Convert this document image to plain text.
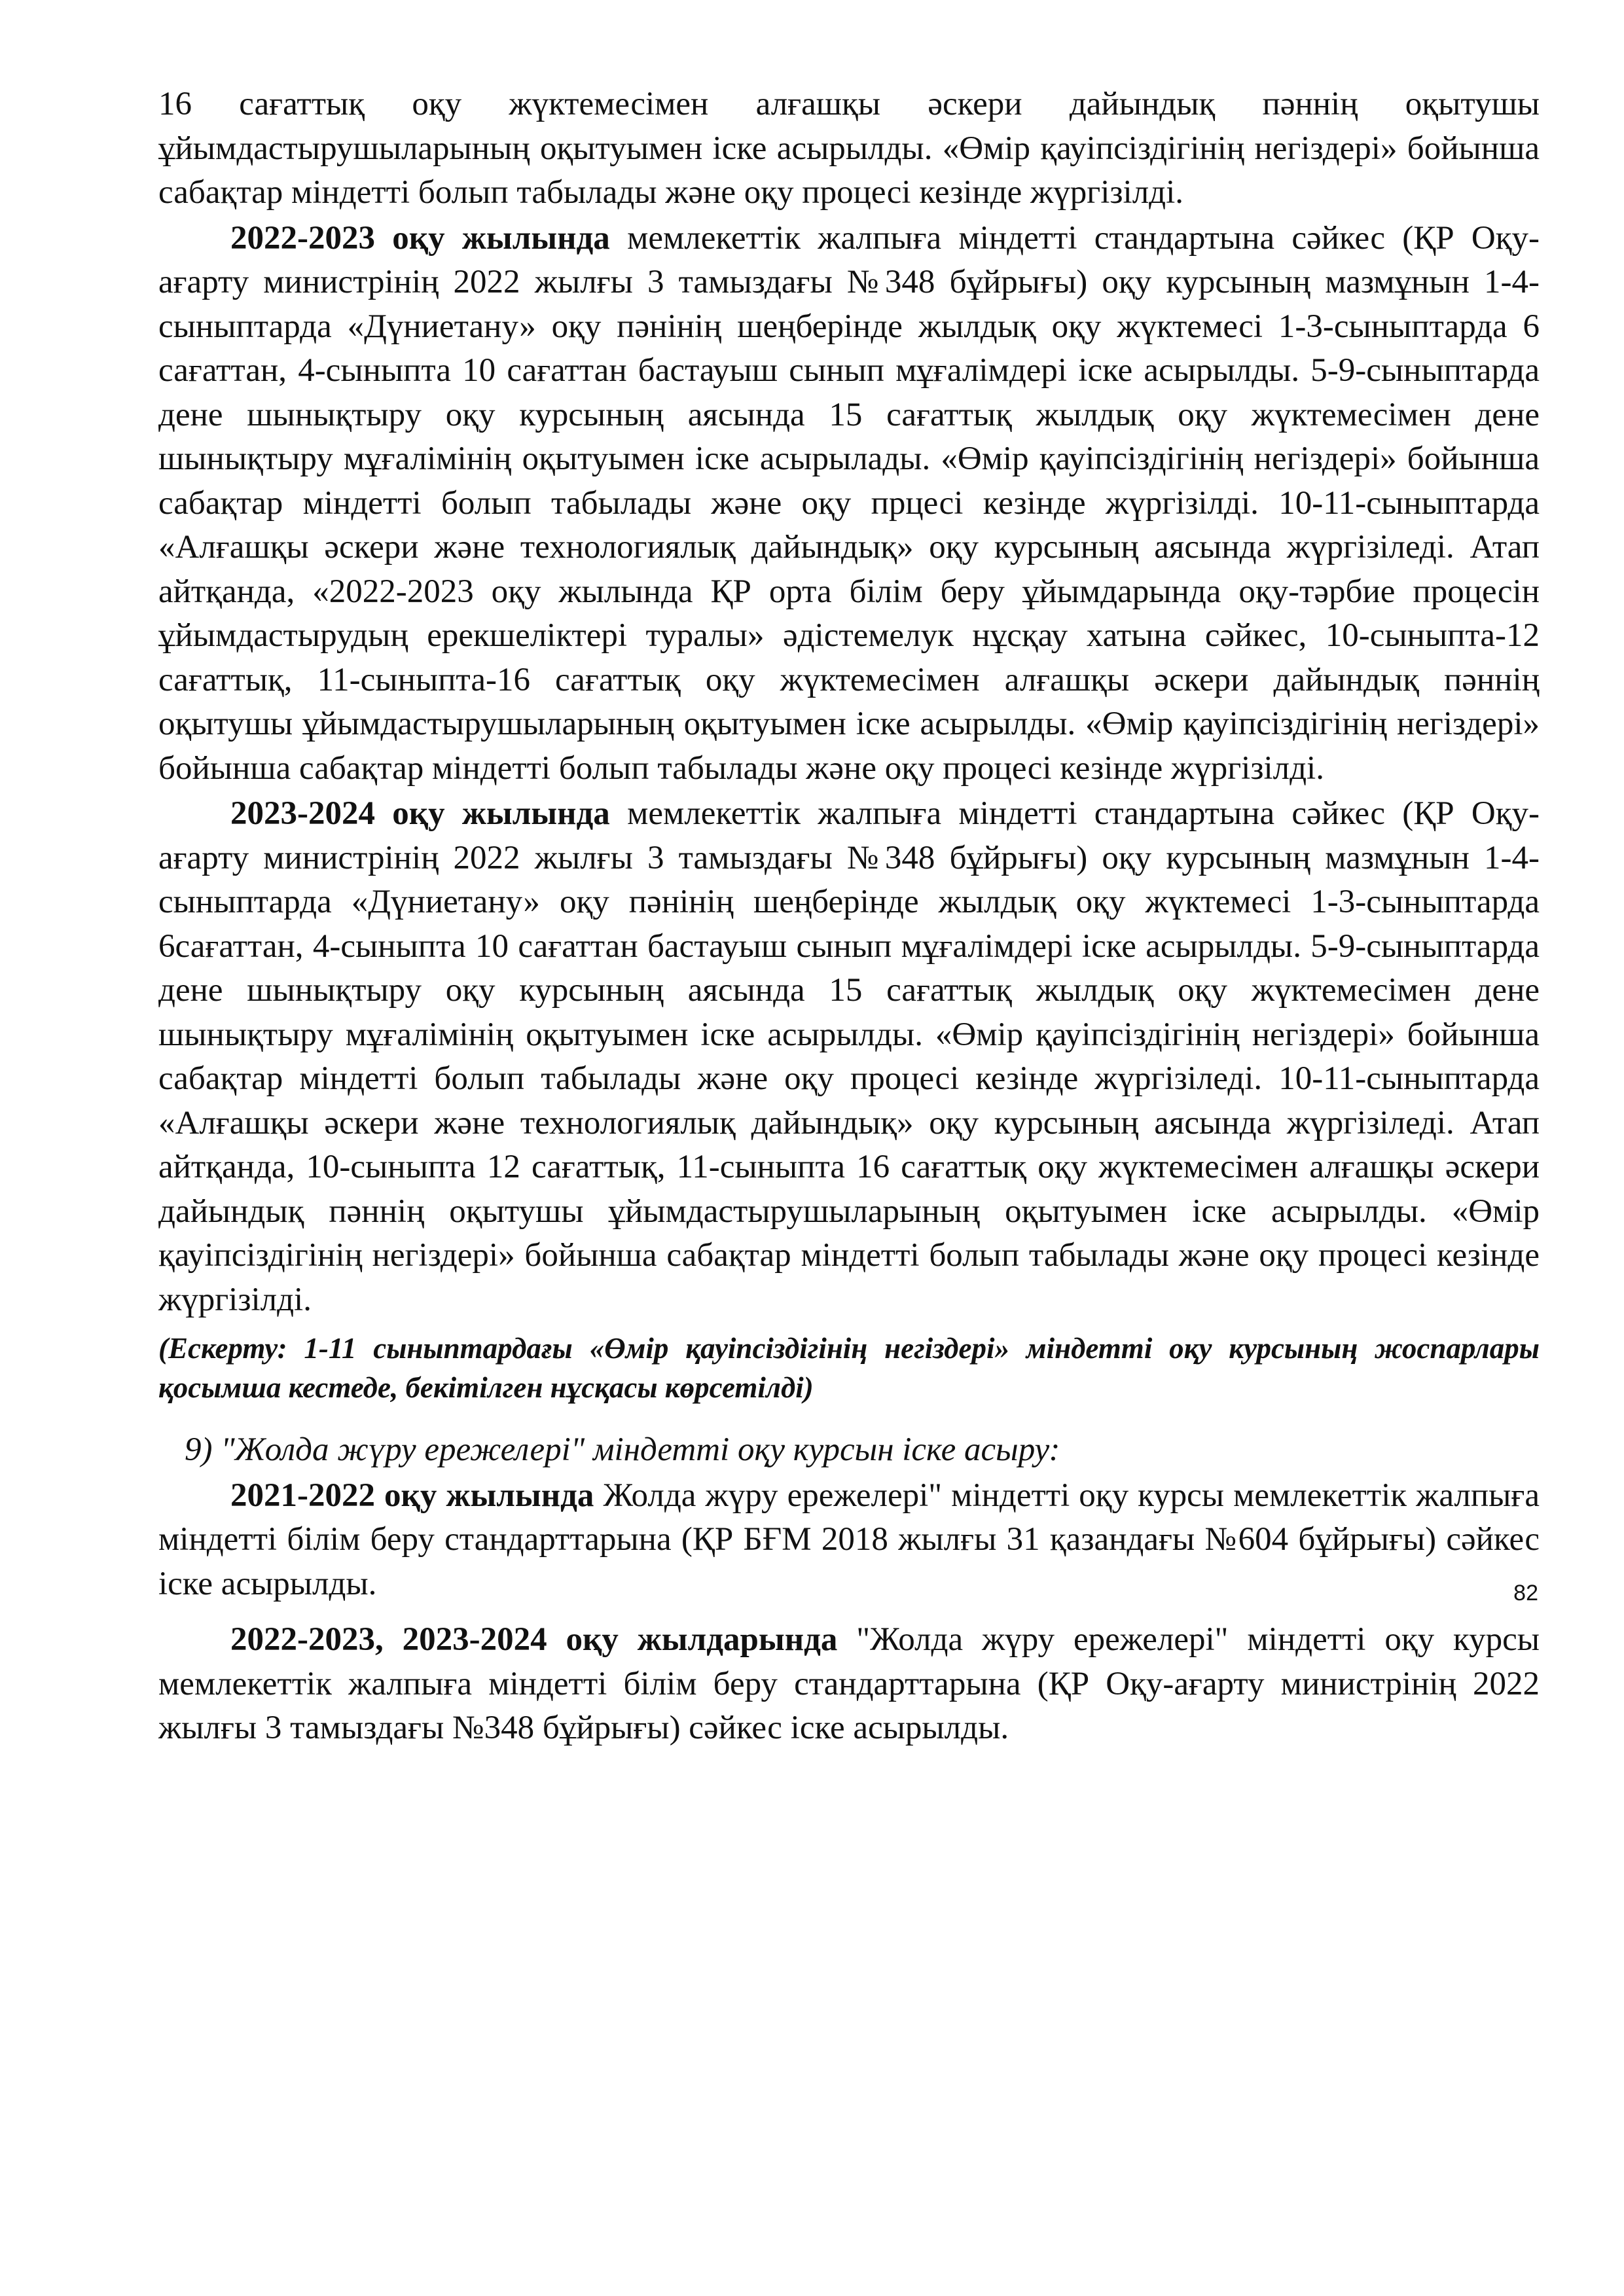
16 сағаттық оқу жүктемесімен алғашқы әскери дайындық пәннің оқытушы ұйымдастырушыларының оқытуымен іске асырылды. «Өмір қауіпсіздігінің негіздері» бойынша сабақтар міндетті болып табылады және оқу процесі кезінде жүргізілді.

2022-2023 оқу жылында мемлекеттік жалпыға міндетті стандартына сәйкес (ҚР Оқу-ағарту министрінің 2022 жылғы 3 тамыздағы №348 бұйрығы) оқу курсының мазмұнын 1-4-сыныптарда «Дүниетану» оқу пәнінің шеңберінде жылдық оқу жүктемесі 1-3-сыныптарда 6 сағаттан, 4-сыныпта 10 сағаттан бастауыш сынып мұғалімдері іске асырылды. 5-9-сыныптарда дене шынықтыру оқу курсының аясында 15 сағаттық жылдық оқу жүктемесімен дене шынықтыру мұғалімінің оқытуымен іске асырылады. «Өмір қауіпсіздігінің негіздері» бойынша сабақтар міндетті болып табылады және оқу прцесі кезінде жүргізілді. 10-11-сыныптарда «Алғашқы әскери және технологиялық дайындық» оқу курсының аясында жүргізіледі. Атап айтқанда, «2022-2023 оқу жылында ҚР орта білім беру ұйымдарында оқу-тәрбие процесін ұйымдастырудың ерекшеліктері туралы» әдістемелук нұсқау хатына сәйкес, 10-сыныпта-12 сағаттық, 11-сыныпта-16 сағаттық оқу жүктемесімен алғашқы әскери дайындық пәннің оқытушы ұйымдастырушыларының оқытуымен іске асырылды. «Өмір қауіпсіздігінің негіздері» бойынша сабақтар міндетті болып табылады және оқу процесі кезінде жүргізілді.

2023-2024 оқу жылында мемлекеттік жалпыға міндетті стандартына сәйкес (ҚР Оқу-ағарту министрінің 2022 жылғы 3 тамыздағы №348 бұйрығы) оқу курсының мазмұнын 1-4-сыныптарда «Дүниетану» оқу пәнінің шеңберінде жылдық оқу жүктемесі 1-3-сыныптарда 6сағаттан, 4-сыныпта 10 сағаттан бастауыш сынып мұғалімдері іске асырылды. 5-9-сыныптарда дене шынықтыру оқу курсының аясында 15 сағаттық жылдық оқу жүктемесімен дене шынықтыру мұғалімінің оқытуымен іске асырылды. «Өмір қауіпсіздігінің негіздері» бойынша сабақтар міндетті болып табылады және оқу процесі кезінде жүргізіледі. 10-11-сыныптарда «Алғашқы әскери және технологиялық дайындық» оқу курсының аясында жүргізіледі. Атап айтқанда, 10-сыныпта 12 сағаттық, 11-сыныпта 16 сағаттық оқу жүктемесімен алғашқы әскери дайындық пәннің оқытушы ұйымдастырушыларының оқытуымен іске асырылды. «Өмір қауіпсіздігінің негіздері» бойынша сабақтар міндетті болып табылады және оқу процесі кезінде жүргізілді.

(Ескерту: 1-11 сыныптардағы «Өмір қауіпсіздігінің негіздері» міндетті оқу курсының жоспарлары қосымша кестеде, бекітілген нұсқасы көрсетілді)

9) "Жолда жүру ережелері" міндетті оқу курсын іске асыру:

2021-2022 оқу жылында Жолда жүру ережелері" міндетті оқу курсы мемлекеттік жалпыға міндетті білім беру стандарттарына (ҚР БҒМ 2018 жылғы 31 қазандағы №604 бұйрығы) сәйкес іске асырылды.

2022-2023, 2023-2024 оқу жылдарында "Жолда жүру ережелері" міндетті оқу курсы мемлекеттік жалпыға міндетті білім беру стандарттарына (ҚР Оқу-ағарту министрінің 2022 жылғы 3 тамыздағы №348 бұйрығы) сәйкес іске асырылды.

82
